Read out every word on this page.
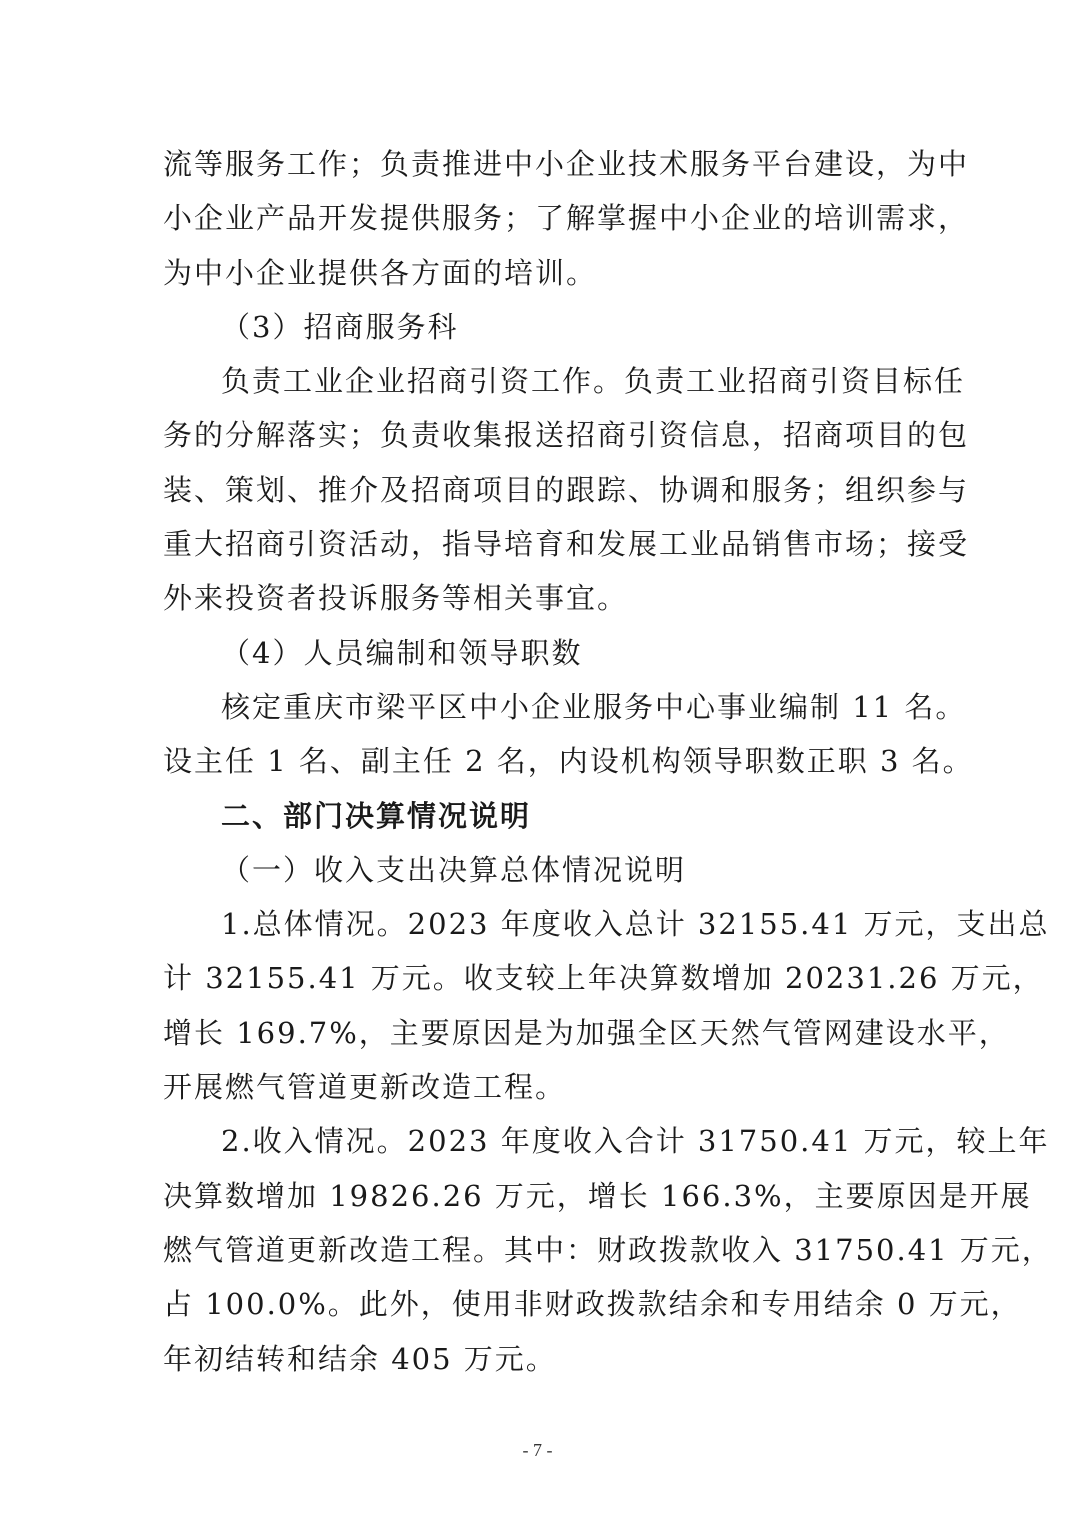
流等服务工作；负责推进中小企业技术服务平台建设，为中
小企业产品开发提供服务；了解掌握中小企业的培训需求，
为中小企业提供各方面的培训。
（3）招商服务科
负责工业企业招商引资工作。负责工业招商引资目标任
务的分解落实；负责收集报送招商引资信息，招商项目的包
装、策划、推介及招商项目的跟踪、协调和服务；组织参与
重大招商引资活动，指导培育和发展工业品销售市场；接受
外来投资者投诉服务等相关事宜。
（4）人员编制和领导职数
核定重庆市梁平区中小企业服务中心事业编制 11 名。
设主任 1 名、副主任 2 名，内设机构领导职数正职 3 名。
二、部门决算情况说明
（一）收入支出决算总体情况说明
1.总体情况。2023 年度收入总计 32155.41 万元，支出总
计 32155.41 万元。收支较上年决算数增加 20231.26 万元，
增长 169.7%，主要原因是为加强全区天然气管网建设水平，
开展燃气管道更新改造工程。
2.收入情况。2023 年度收入合计 31750.41 万元，较上年
决算数增加 19826.26 万元，增长 166.3%，主要原因是开展
燃气管道更新改造工程。其中：财政拨款收入 31750.41 万元，
占 100.0%。此外，使用非财政拨款结余和专用结余 0 万元，
年初结转和结余 405 万元。
- 7 -
